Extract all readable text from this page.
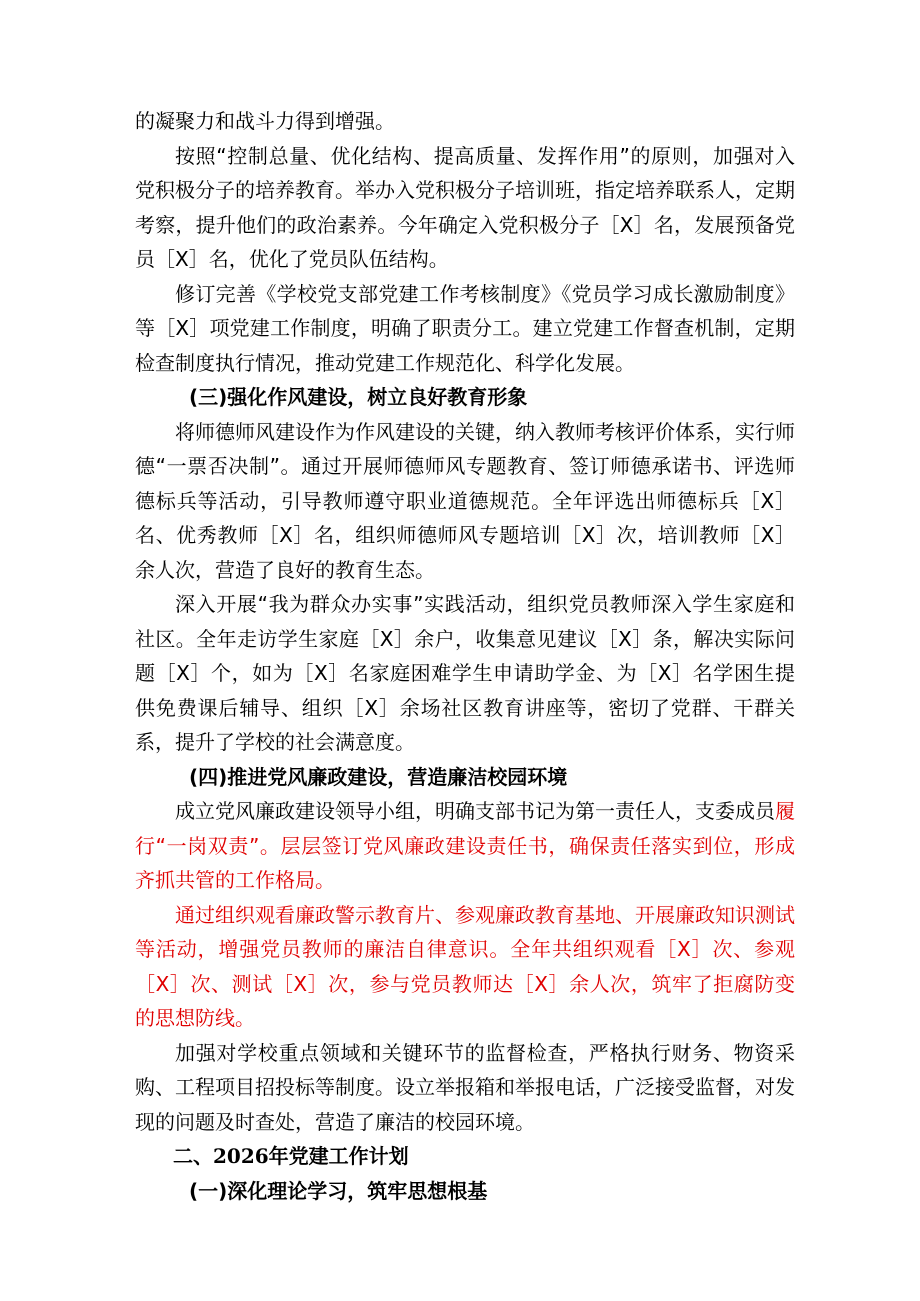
的凝聚力和战斗力得到增强。

按照“控制总量、优化结构、提高质量、发挥作用”的原则，加强对入党积极分子的培养教育。举办入党积极分子培训班，指定培养联系人，定期考察，提升他们的政治素养。今年确定入党积极分子［X］名，发展预备党员［X］名，优化了党员队伍结构。

修订完善《学校党支部党建工作考核制度》《党员学习成长激励制度》等［X］项党建工作制度，明确了职责分工。建立党建工作督查机制，定期检查制度执行情况，推动党建工作规范化、科学化发展。

(三)强化作风建设，树立良好教育形象

将师德师风建设作为作风建设的关键，纳入教师考核评价体系，实行师德“一票否决制”。通过开展师德师风专题教育、签订师德承诺书、评选师德标兵等活动，引导教师遵守职业道德规范。全年评选出师德标兵［X］名、优秀教师［X］名，组织师德师风专题培训［X］次，培训教师［X］余人次，营造了良好的教育生态。

深入开展“我为群众办实事”实践活动，组织党员教师深入学生家庭和社区。全年走访学生家庭［X］余户，收集意见建议［X］条，解决实际问题［X］个，如为［X］名家庭困难学生申请助学金、为［X］名学困生提供免费课后辅导、组织［X］余场社区教育讲座等，密切了党群、干群关系，提升了学校的社会满意度。

(四)推进党风廉政建设，营造廉洁校园环境

成立党风廉政建设领导小组，明确支部书记为第一责任人，支委成员履行“一岗双责”。层层签订党风廉政建设责任书，确保责任落实到位，形成齐抓共管的工作格局。

通过组织观看廉政警示教育片、参观廉政教育基地、开展廉政知识测试等活动，增强党员教师的廉洁自律意识。全年共组织观看［X］次、参观［X］次、测试［X］次，参与党员教师达［X］余人次，筑牢了拒腐防变的思想防线。

加强对学校重点领域和关键环节的监督检查，严格执行财务、物资采购、工程项目招投标等制度。设立举报箱和举报电话，广泛接受监督，对发现的问题及时查处，营造了廉洁的校园环境。

二、2026年党建工作计划

(一)深化理论学习，筑牢思想根基
